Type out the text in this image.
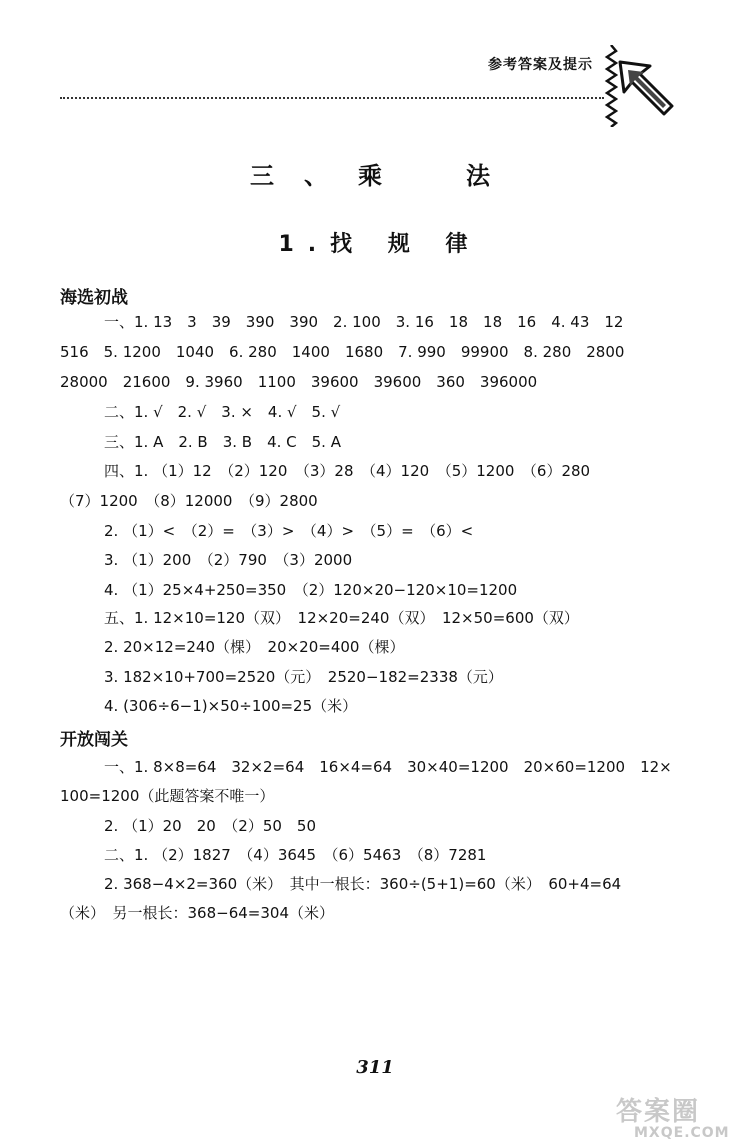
参考答案及提示
三、乘　法
1.找 规 律
海选初战
一、1. 13　3　39　390　390　2. 100　3. 16　18　18　16　4. 43　12
516　5. 1200　1040　6. 280　1400　1680　7. 990　99900　8. 280　2800
28000　21600　9. 3960　1100　39600　39600　360　396000
二、1. √　2. √　3. ×　4. √　5. √
三、1. A　2. B　3. B　4. C　5. A
四、1. （1）12　（2）120　（3）28　（4）120　（5）1200　（6）280
（7）1200　（8）12000　（9）2800
2. （1）<　（2）=　（3）>　（4）>　（5）=　（6）<
3. （1）200　（2）790　（3）2000
4. （1）25×4+250=350　（2）120×20−120×10=1200
五、1. 12×10=120（双）　12×20=240（双）　12×50=600（双）
2. 20×12=240（棵）　20×20=400（棵）
3. 182×10+700=2520（元）　2520−182=2338（元）
4. (306÷6−1)×50÷100=25（米）
开放闯关
一、1. 8×8=64　32×2=64　16×4=64　30×40=1200　20×60=1200　12×
100=1200（此题答案不唯一）
2. （1）20　20　（2）50　50
二、1. （2）1827　（4）3645　（6）5463　（8）7281
2. 368−4×2=360（米）　其中一根长：360÷(5+1)=60（米）　60+4=64
（米）　另一根长：368−64=304（米）
311
答案圈
MXQE.COM
